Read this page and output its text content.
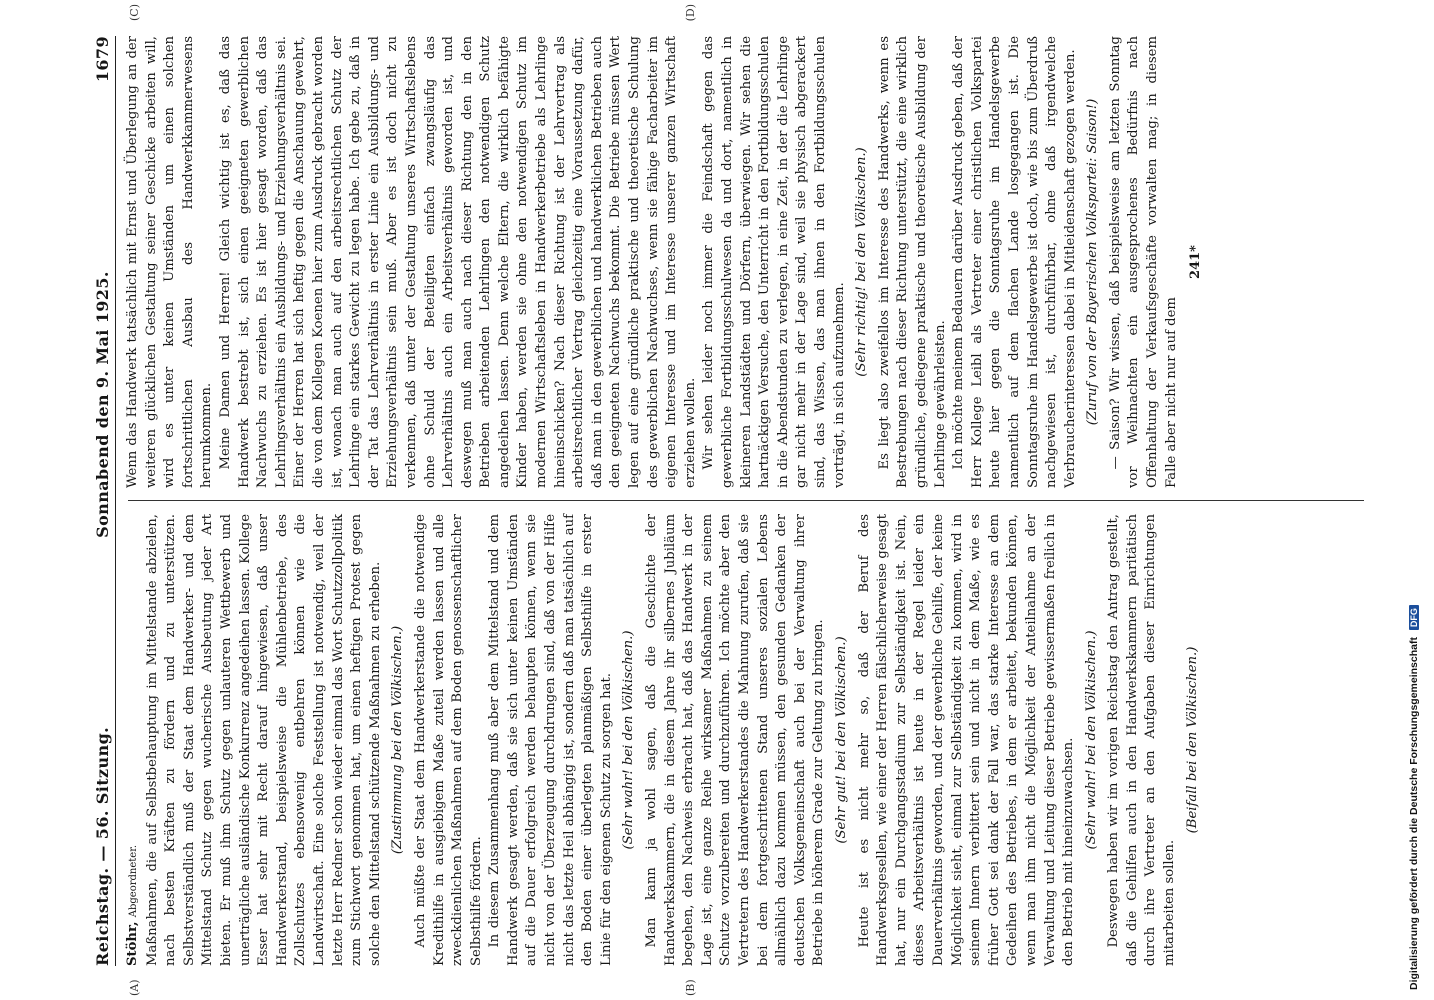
Reichstag. — 56. Sitzung.
Sonnabend den 9. Mai 1925.
1679
(A)	(B)
(C)	(D)

Stöhr, Abgeordneter. Maßnahmen, die auf Selbstbehauptung im Mittelstande abzielen, nach besten Kräften zu fördern und zu unterstützen. Selbstverständlich muß der Staat dem Handwerker- und dem Mittelstand Schutz gegen wucherische Ausbeutung jeder Art bieten. Er muß ihm Schutz gegen unlauteren Wettbewerb und unerträgliche ausländische Konkurrenz angedeihen lassen. Kollege Esser hat sehr mit Recht darauf hingewiesen, daß unser Handwerkerstand, beispielsweise die Mühlenbetriebe, des Zollschutzes ebensowenig entbehren können wie die Landwirtschaft. Eine solche Feststellung ist notwendig, weil der letzte Herr Redner schon wieder einmal das Wort Schutzzollpolitik zum Stichwort genommen hat, um einen heftigen Protest gegen solche den Mittelstand schützende Maßnahmen zu erheben. (Zustimmung bei den Völkischen.) Auch müßte der Staat dem Handwerkerstande die notwendige Kredithilfe in ausgiebigem Maße zuteil werden lassen und alle zweckdienlichen Maßnahmen auf dem Boden genossenschaftlicher Selbsthilfe fördern. In diesem Zusammenhang muß aber dem Mittelstand und dem Handwerk gesagt werden, daß sie sich unter keinen Umständen auf die Dauer erfolgreich werden behaupten können, wenn sie nicht von der Überzeugung durchdrungen sind, daß von der Hilfe nicht das letzte Heil abhängig ist, sondern daß man tatsächlich auf den Boden einer überlegten planmäßigen Selbsthilfe in erster Linie für den eigenen Schutz zu sorgen hat. (Sehr wahr! bei den Völkischen.) Man kann ja wohl sagen, daß die Geschichte der Handwerkskammern, die in diesem Jahre ihr silbernes Jubiläum begehen, den Nachweis erbracht hat, daß das Handwerk in der Lage ist, eine ganze Reihe wirksamer Maßnahmen zu seinem Schutze vorzubereiten und durchzuführen. Ich möchte aber den Vertretern des Handwerkerstandes die Mahnung zurufen, daß sie bei dem fortgeschrittenen Stand unseres sozialen Lebens allmählich dazu kommen müssen, den gesunden Gedanken der deutschen Volksgemeinschaft auch bei der Verwaltung ihrer Betriebe in höherem Grade zur Geltung zu bringen. (Sehr gut! bei den Völkischen.) Heute ist es nicht mehr so, daß der Beruf des Handwerksgesellen, wie einer der Herren fälschlicherweise gesagt hat, nur ein Durchgangsstadium zur Selbständigkeit ist. Nein, dieses Arbeitsverhältnis ist heute in der Regel leider ein Dauerverhältnis geworden, und der gewerbliche Gehilfe, der keine Möglichkeit sieht, einmal zur Selbständigkeit zu kommen, wird in seinem Innern verbittert sein und nicht in dem Maße, wie es früher Gott sei dank der Fall war, das starke Interesse an dem Gedeihen des Betriebes, in dem er arbeitet, bekunden können, wenn man ihm nicht die Möglichkeit der Anteilnahme an der Verwaltung und Leitung dieser Betriebe gewissermaßen freilich in den Betrieb mit hineinzuwachsen. (Sehr wahr! bei den Völkischen.) Deswegen haben wir im vorigen Reichstag den Antrag gestellt, daß die Gehilfen auch in den Handwerkskammern paritätisch durch ihre Vertreter an den Aufgaben dieser Einrichtungen mitarbeiten sollen.

(Beifall bei den Völkischen.)

Wenn das Handwerk tatsächlich mit Ernst und Überlegung an der weiteren glücklichen Gestaltung seiner Geschicke arbeiten will, wird es unter keinen Umständen um einen solchen fortschrittlichen Ausbau des Handwerkkammerwesens herumkommen. Meine Damen und Herren! Gleich wichtig ist es, daß das Handwerk bestrebt ist, sich einen geeigneten gewerblichen Nachwuchs zu erziehen. Es ist hier gesagt worden, daß das Lehrlingsverhältnis ein Ausbildungs- und Erziehungsverhältnis sei. Einer der Herren hat sich heftig gegen die Anschauung gewehrt, die von dem Kollegen Koenen hier zum Ausdruck gebracht worden ist, wonach man auch auf den arbeitsrechtlichen Schutz der Lehrlinge ein starkes Gewicht zu legen habe. Ich gebe zu, daß in der Tat das Lehrverhältnis in erster Linie ein Ausbildungs- und Erziehungsverhältnis sein muß. Aber es ist doch nicht zu verkennen, daß unter der Gestaltung unseres Wirtschaftslebens ohne Schuld der Beteiligten einfach zwangsläufig das Lehrverhältnis auch ein Arbeitsverhältnis geworden ist, und deswegen muß man auch nach dieser Richtung den in den Betrieben arbeitenden Lehrlingen den notwendigen Schutz angedeihen lassen. Denn welche Eltern, die wirklich befähigte Kinder haben, werden sie ohne den notwendigen Schutz im modernen Wirtschaftsleben in Handwerkerbetriebe als Lehrlinge hineinschicken? Nach dieser Richtung ist der Lehrvertrag als arbeitsrechtlicher Vertrag gleichzeitig eine Voraussetzung dafür, daß man in den gewerblichen und handwerklichen Betrieben auch den geeigneten Nachwuchs bekommt. Die Betriebe müssen Wert legen auf eine gründliche praktische und theoretische Schulung des gewerblichen Nachwuchses, wenn sie fähige Facharbeiter im eigenen Interesse und im Interesse unserer ganzen Wirtschaft erziehen wollen. Wir sehen leider noch immer die Feindschaft gegen das gewerbliche Fortbildungsschulwesen da und dort, namentlich in kleineren Landstädten und Dörfern, überwiegen. Wir sehen die hartnäckigen Versuche, den Unterricht in den Fortbildungsschulen in die Abendstunden zu verlegen, in eine Zeit, in der die Lehrlinge gar nicht mehr in der Lage sind, weil sie physisch abgerackert sind, das Wissen, das man ihnen in den Fortbildungsschulen vorträgt, in sich aufzunehmen.

(Sehr richtig! bei den Völkischen.) Es liegt also zweifellos im Interesse des Handwerks, wenn es Bestrebungen nach dieser Richtung unterstützt, die eine wirklich gründliche, gediegene praktische und theoretische Ausbildung der Lehrlinge gewährleisten. Ich möchte meinem Bedauern darüber Ausdruck geben, daß der Herr Kollege Leibl als Vertreter einer christlichen Volkspartei heute hier gegen die Sonntagsruhe im Handelsgewerbe namentlich auf dem flachen Lande losgegangen ist. Die Sonntagsruhe im Handelsgewerbe ist doch, wie bis zum Überdruß nachgewiesen ist, durchführbar, ohne daß irgendwelche Verbraucherinteressen dabei in Mitleidenschaft gezogen werden. (Zuruf von der Bayerischen Volkspartei: Saison!) — Saison? Wir wissen, daß beispielsweise am letzten Sonntag vor Weihnachten ein ausgesprochenes Bedürfnis nach Offenhaltung der Verkaufsgeschäfte vorwalten mag; in diesem Falle aber nicht nur auf dem

241*
Digitalisierung gefördert durch die Deutsche Forschungsgemeinschaft DFG
